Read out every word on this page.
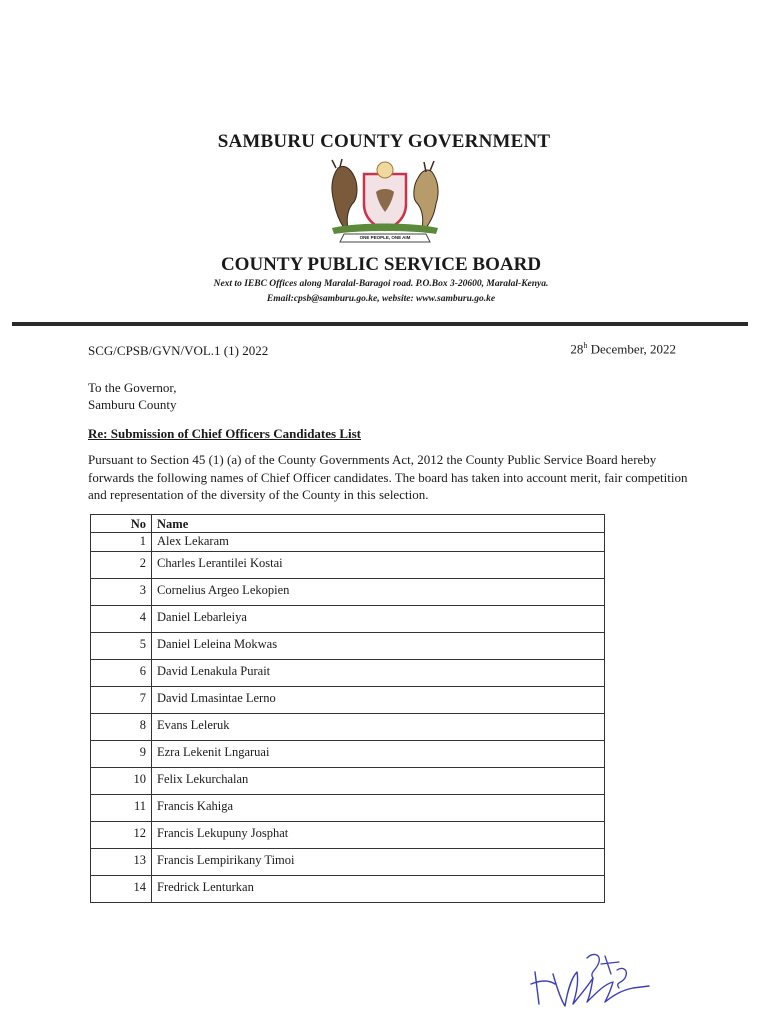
SAMBURU COUNTY GOVERNMENT
ONE PEOPLE, ONE AIM
COUNTY PUBLIC SERVICE BOARD
Next to IEBC Offices along Maralal-Baragoi road. P.O.Box 3-20600, Maralal-Kenya.
Email:cpsb@samburu.go.ke, website: www.samburu.go.ke
SCG/CPSB/GVN/VOL.1 (1) 2022	28$^h$ December, 2022
To the Governor,
Samburu County
Re: Submission of Chief Officers Candidates List
Pursuant to Section 45 (1) (a) of the County Governments Act, 2012 the County Public Service Board hereby forwards the following names of Chief Officer candidates. The board has taken into account merit, fair competition and representation of the diversity of the County in this selection.
No	Name
1	Alex Lekaram
2	Charles Lerantilei Kostai
3	Cornelius Argeo Lekopien
4	Daniel Lebarleiya
5	Daniel Leleina Mokwas
6	David Lenakula Purait
7	David Lmasintae Lerno
8	Evans Leleruk
9	Ezra Lekenit Lngaruai
10	Felix Lekurchalan
11	Francis Kahiga
12	Francis Lekupuny Josphat
13	Francis Lempirikany Timoi
14	Fredrick Lenturkan
